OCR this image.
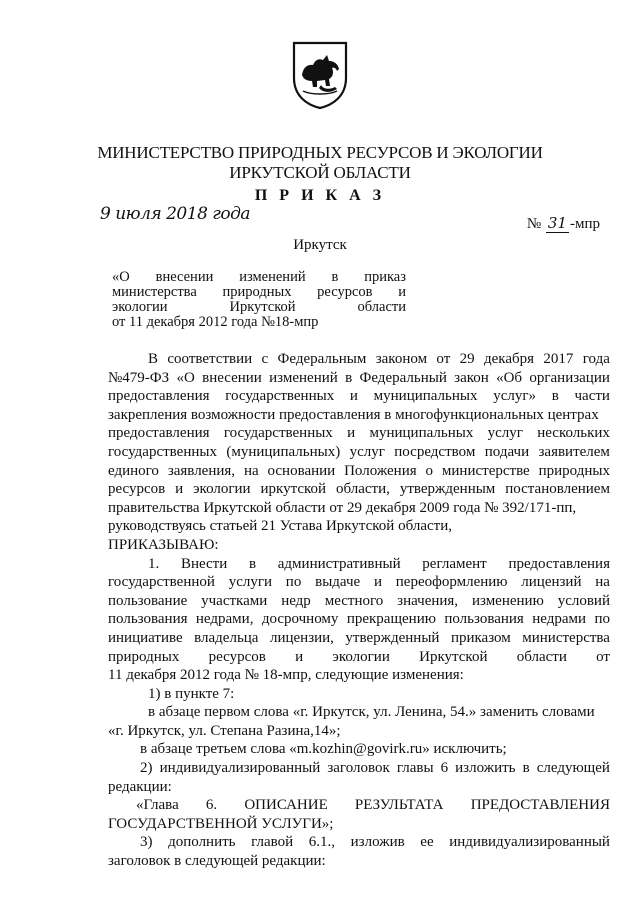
МИНИСТЕРСТВО ПРИРОДНЫХ РЕСУРСОВ И ЭКОЛОГИИ
ИРКУТСКОЙ ОБЛАСТИ
П Р И К А З
9 июля 2018 года	№ 31 -мпр
Иркутск
«О внесении изменений в приказ
министерства природных ресурсов и
экологии	Иркутской	области
от 11 декабря 2012 года №18-мпр
В соответствии с Федеральным законом от 29 декабря 2017 года
№479-ФЗ «О внесении изменений в Федеральный закон «Об организации
предоставления государственных и муниципальных услуг» в части
закрепления возможности предоставления в многофункциональных центрах
предоставления государственных и муниципальных услуг нескольких
государственных (муниципальных) услуг посредством подачи заявителем
единого заявления, на основании Положения о министерстве природных
ресурсов и экологии иркутской области, утвержденным постановлением
правительства Иркутской области от 29 декабря 2009 года № 392/171-пп,
руководствуясь статьей 21 Устава Иркутской области,
ПРИКАЗЫВАЮ:
1. Внести в административный регламент предоставления
государственной услуги по выдаче и переоформлению лицензий на
пользование участками недр местного значения, изменению условий
пользования недрами, досрочному прекращению пользования недрами по
инициативе владельца лицензии, утвержденный приказом министерства
природных ресурсов и экологии Иркутской области от
11 декабря 2012 года № 18-мпр, следующие изменения:
1) в пункте 7:
в абзаце первом слова «г. Иркутск, ул. Ленина, 54.» заменить словами
«г. Иркутск, ул. Степана Разина,14»;
в абзаце третьем слова «m.kozhin@govirk.ru» исключить;
2) индивидуализированный заголовок главы 6 изложить в следующей
редакции:
«Глава 6. ОПИСАНИЕ РЕЗУЛЬТАТА ПРЕДОСТАВЛЕНИЯ
ГОСУДАРСТВЕННОЙ УСЛУГИ»;
3) дополнить главой 6.1., изложив ее индивидуализированный
заголовок в следующей редакции:
